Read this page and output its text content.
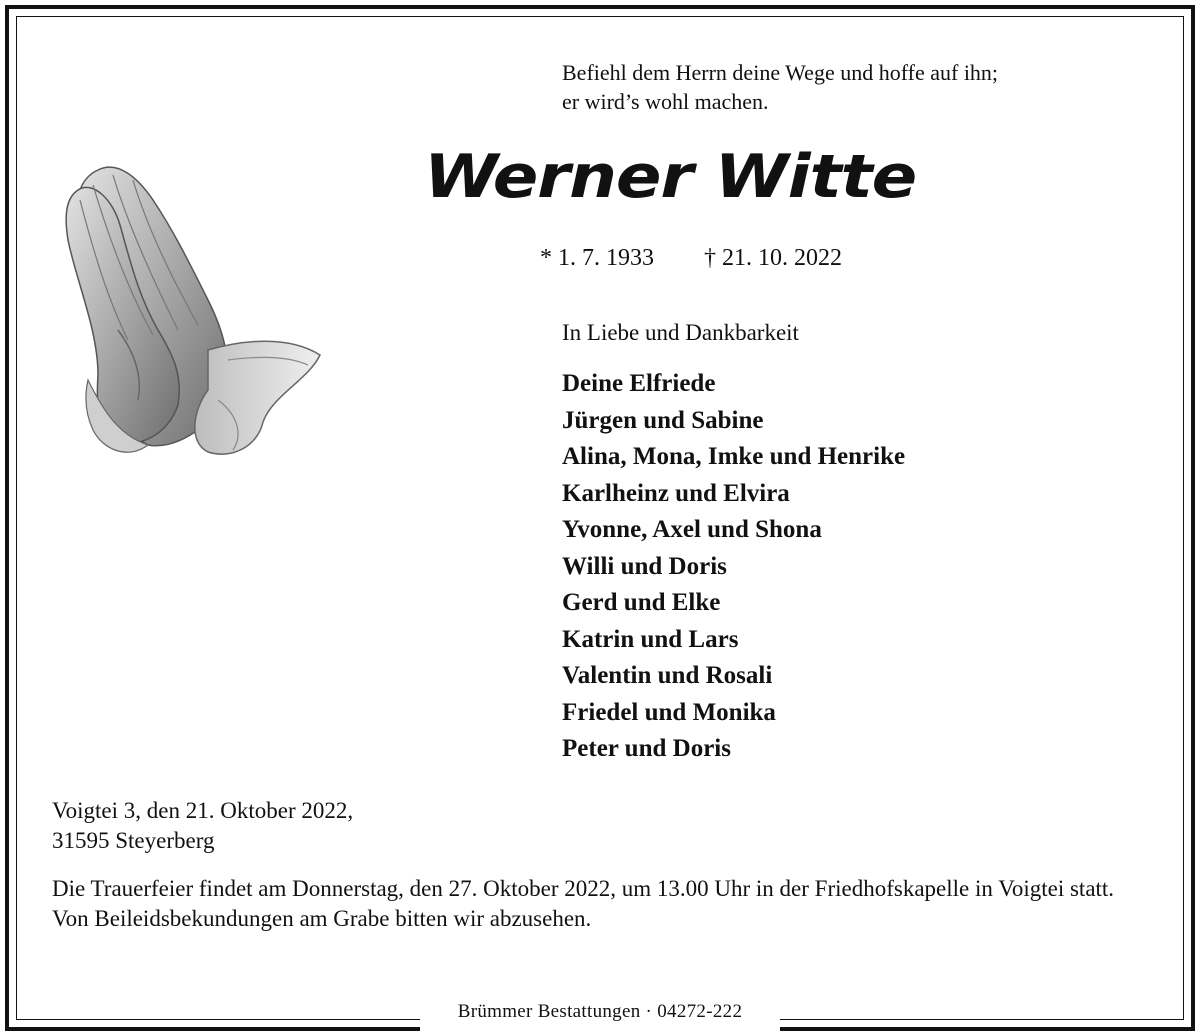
Brümmer Bestattungen · 04272-222
Befiehl dem Herrn deine Wege und hoffe auf ihn;
er wird’s wohl machen.
Werner Witte
* 1. 7. 1933 † 21. 10. 2022
In Liebe und Dankbarkeit
Deine Elfriede
Jürgen und Sabine
Alina, Mona, Imke und Henrike
Karlheinz und Elvira
Yvonne, Axel und Shona
Willi und Doris
Gerd und Elke
Katrin und Lars
Valentin und Rosali
Friedel und Monika
Peter und Doris
Voigtei 3, den 21. Oktober 2022,
31595 Steyerberg
Die Trauerfeier findet am Donnerstag, den 27. Oktober 2022, um 13.00 Uhr in der Friedhofskapelle in Voigtei statt.
Von Beileidsbekundungen am Grabe bitten wir abzusehen.
